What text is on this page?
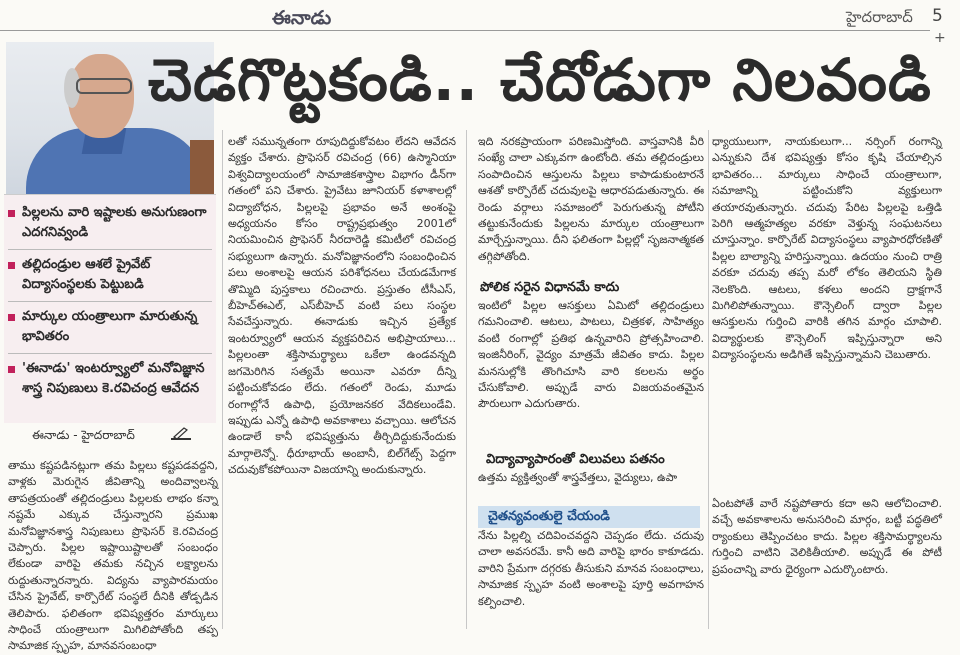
ఈనాడు	హైదరాబాద్ 5
+
చెడగొట్టకండి.. చేదోడుగా నిలవండి
పిల్లలను వారి ఇష్టాలకు అనుగుణంగా ఎదగనివ్వండి
తల్లిదండ్రుల ఆశలే ప్రైవేట్ విద్యాసంస్థలకు పెట్టుబడి
మార్కుల యంత్రాలుగా మారుతున్న భావితరం
'ఈనాడు' ఇంటర్వ్యూలో మనోవిజ్ఞాన శాస్త్ర నిపుణులు కె.రవిచంద్ర ఆవేదన
ఈనాడు - హైదరాబాద్
తాము కష్టపడినట్లుగా తమ పిల్లలు కష్టపడవద్దని, వాళ్లకు మెరుగైన జీవితాన్ని అందివ్వాలన్న తాపత్రయంతో తల్లిదండ్రులు పిల్లలకు లాభం కన్నా నష్టమే ఎక్కువ చేస్తున్నారని ప్రముఖ మనోవిజ్ఞానశాస్త్ర నిపుణులు ప్రొఫెసర్ కె.రవిచంద్ర చెప్పారు. పిల్లల ఇష్టాయిష్టాలతో సంబంధం లేకుండా వారిపై తమకు నచ్చిన లక్ష్యాలను రుద్దుతున్నారన్నారు. విద్యను వ్యాపారమయం చేసిన ప్రైవేట్, కార్పొరేట్ సంస్థలే దీనికి తోడ్పడిన తెలిపారు. ఫలితంగా భవిష్యత్తరం మార్కులు సాధించే యంత్రాలుగా మిగిలిపోతోంది తప్ప సామాజిక స్పృహ, మానవసంబంధా
లతో సమున్నతంగా రూపుదిద్దుకోవటం లేదని ఆవేదన వ్యక్తం చేశారు. ప్రొఫెసర్ రవిచంద్ర (66) ఉస్మానియా విశ్వవిద్యాలయంలో సామాజికశాస్త్రాల విభాగం డీన్‌గా గతంలో పని చేశారు. ప్రైవేటు జూనియర్ కళాశాలల్లో విద్యాబోధన, పిల్లలపై ప్రభావం అనే అంశంపై అధ్యయనం కోసం రాష్ట్రప్రభుత్వం 2001లో నియమించిన ప్రొఫెసర్ నీరదారెడ్డి కమిటీలో రవిచంద్ర సభ్యులుగా ఉన్నారు. మనోవిజ్ఞానంలోని సంబంధించిన పలు అంశాలపై ఆయన పరిశోధనలు చేయడమేగాక తొమ్మిది పుస్తకాలు రచించారు. ప్రస్తుతం టీసీఎస్, బీహెచ్‌ఈఎల్, ఎస్‌బీహెచ్ వంటి పలు సంస్థల సేవచేస్తున్నారు. ఈనాడుకు ఇచ్చిన ప్రత్యేక ఇంటర్వ్యూలో ఆయన వ్యక్తపరిచిన అభిప్రాయాలు... పిల్లలంతా శక్తిసామర్థ్యాలు ఒకేలా ఉండవన్నది జగమెరిగిన సత్యమే అయినా ఎవరూ దీన్ని పట్టించుకోవడం లేదు. గతంలో రెండు, మూడు రంగాల్లోనే ఉపాధి, ప్రయోజనకర వేదికలుండేవి. ఇప్పుడు ఎన్నో ఉపాధి అవకాశాలు వచ్చాయి. ఆలోచన ఉండాలే కానీ భవిష్యత్తును తీర్చిదిద్దుకునేందుకు మార్గాలెన్నో. ధీరూభాయ్ అంబానీ, బిల్‌గేట్స్ పెద్దగా చదువుకోకపోయినా విజయాన్ని అందుకున్నారు.
ఇది నరకప్రాయంగా పరిణమిస్తోంది. వాస్తవానికి వీరి సంఖ్యే చాలా ఎక్కువగా ఉంటోంది. తమ తల్లిదండ్రులు సంపాదించిన ఆస్తులను పిల్లలు కాపాడుకుంటారనే ఆశతో కార్పొరేట్ చదువులపై ఆధారపడుతున్నారు. ఈ రెండు వర్గాలు సమాజంలో పెరుగుతున్న పోటీని తట్టుకునేందుకు పిల్లలను మార్కుల యంత్రాలుగా మార్చేస్తున్నాయి. దీని ఫలితంగా పిల్లల్లో సృజనాత్మకత తగ్గిపోతోంది.
పోలిక సరైన విధానమే కాదు
ఇంటిలో పిల్లల ఆసక్తులు ఏమిటో తల్లిదండ్రులు గమనించాలి. ఆటలు, పాటలు, చిత్రకళ, సాహిత్యం వంటి రంగాల్లో ప్రతిభ ఉన్నవారిని ప్రోత్సహించాలి. ఇంజినీరింగ్, వైద్యం మాత్రమే జీవితం కాదు. పిల్లల మనసుల్లోకి తొంగిచూసి వారి కలలను అర్థం చేసుకోవాలి. అప్పుడే వారు విజయవంతమైన పౌరులుగా ఎదుగుతారు.
విద్యావ్యాపారంతో విలువలు పతనం
ఉత్తమ వ్యక్తిత్వంతో శాస్త్రవేత్తలు, వైద్యులు, ఉపా
చైతన్యవంతులై చేయండి
నేను పిల్లల్ని చదివించవద్దని చెప్పడం లేదు. చదువు చాలా అవసరమే. కానీ అది వారిపై భారం కాకూడదు. వారిని ప్రేమగా దగ్గరకు తీసుకుని మానవ సంబంధాలు, సామాజిక స్పృహ వంటి అంశాలపై పూర్తి అవగాహన కల్పించాలి.
ధ్యాయులుగా, నాయకులుగా... నర్సింగ్ రంగాన్ని ఎన్నుకుని దేశ భవిష్యత్తు కోసం కృషి చేయాల్సిన భావితరం... మార్కులు సాధించే యంత్రాలుగా, సమాజాన్ని పట్టించుకోని వ్యక్తులుగా తయారవుతున్నారు. చదువు పేరిట పిల్లలపై ఒత్తిడి పెరిగి ఆత్మహత్యల వరకూ వెళ్తున్న సంఘటనలు చూస్తున్నాం. కార్పొరేట్ విద్యాసంస్థలు వ్యాపారధోరణితో పిల్లల బాల్యాన్ని హరిస్తున్నాయి. ఉదయం నుంచి రాత్రి వరకూ చదువు తప్ప మరో లోకం తెలియని స్థితి నెలకొంది. ఆటలు, కళలు అందని ద్రాక్షగానే మిగిలిపోతున్నాయి. కౌన్సెలింగ్ ద్వారా పిల్లల ఆసక్తులను గుర్తించి వారికి తగిన మార్గం చూపాలి. విద్యార్థులకు కౌన్సెలింగ్ ఇప్పిస్తున్నారా అని విద్యాసంస్థలను అడిగితే ఇప్పిస్తున్నామని చెబుతారు.
ఏంటపోతే వారే నష్టపోతారు కదా అని ఆలోచించాలి. వచ్చే అవకాశాలను అనుసరించి మార్గం, బట్టీ పద్ధతిలో ర్యాంకులు తెప్పించటం కాదు. పిల్లల శక్తిసామర్థ్యాలను గుర్తించి వాటిని వెలికితీయాలి. అప్పుడే ఈ పోటీ ప్రపంచాన్ని వారు ధైర్యంగా ఎదుర్కొంటారు.
